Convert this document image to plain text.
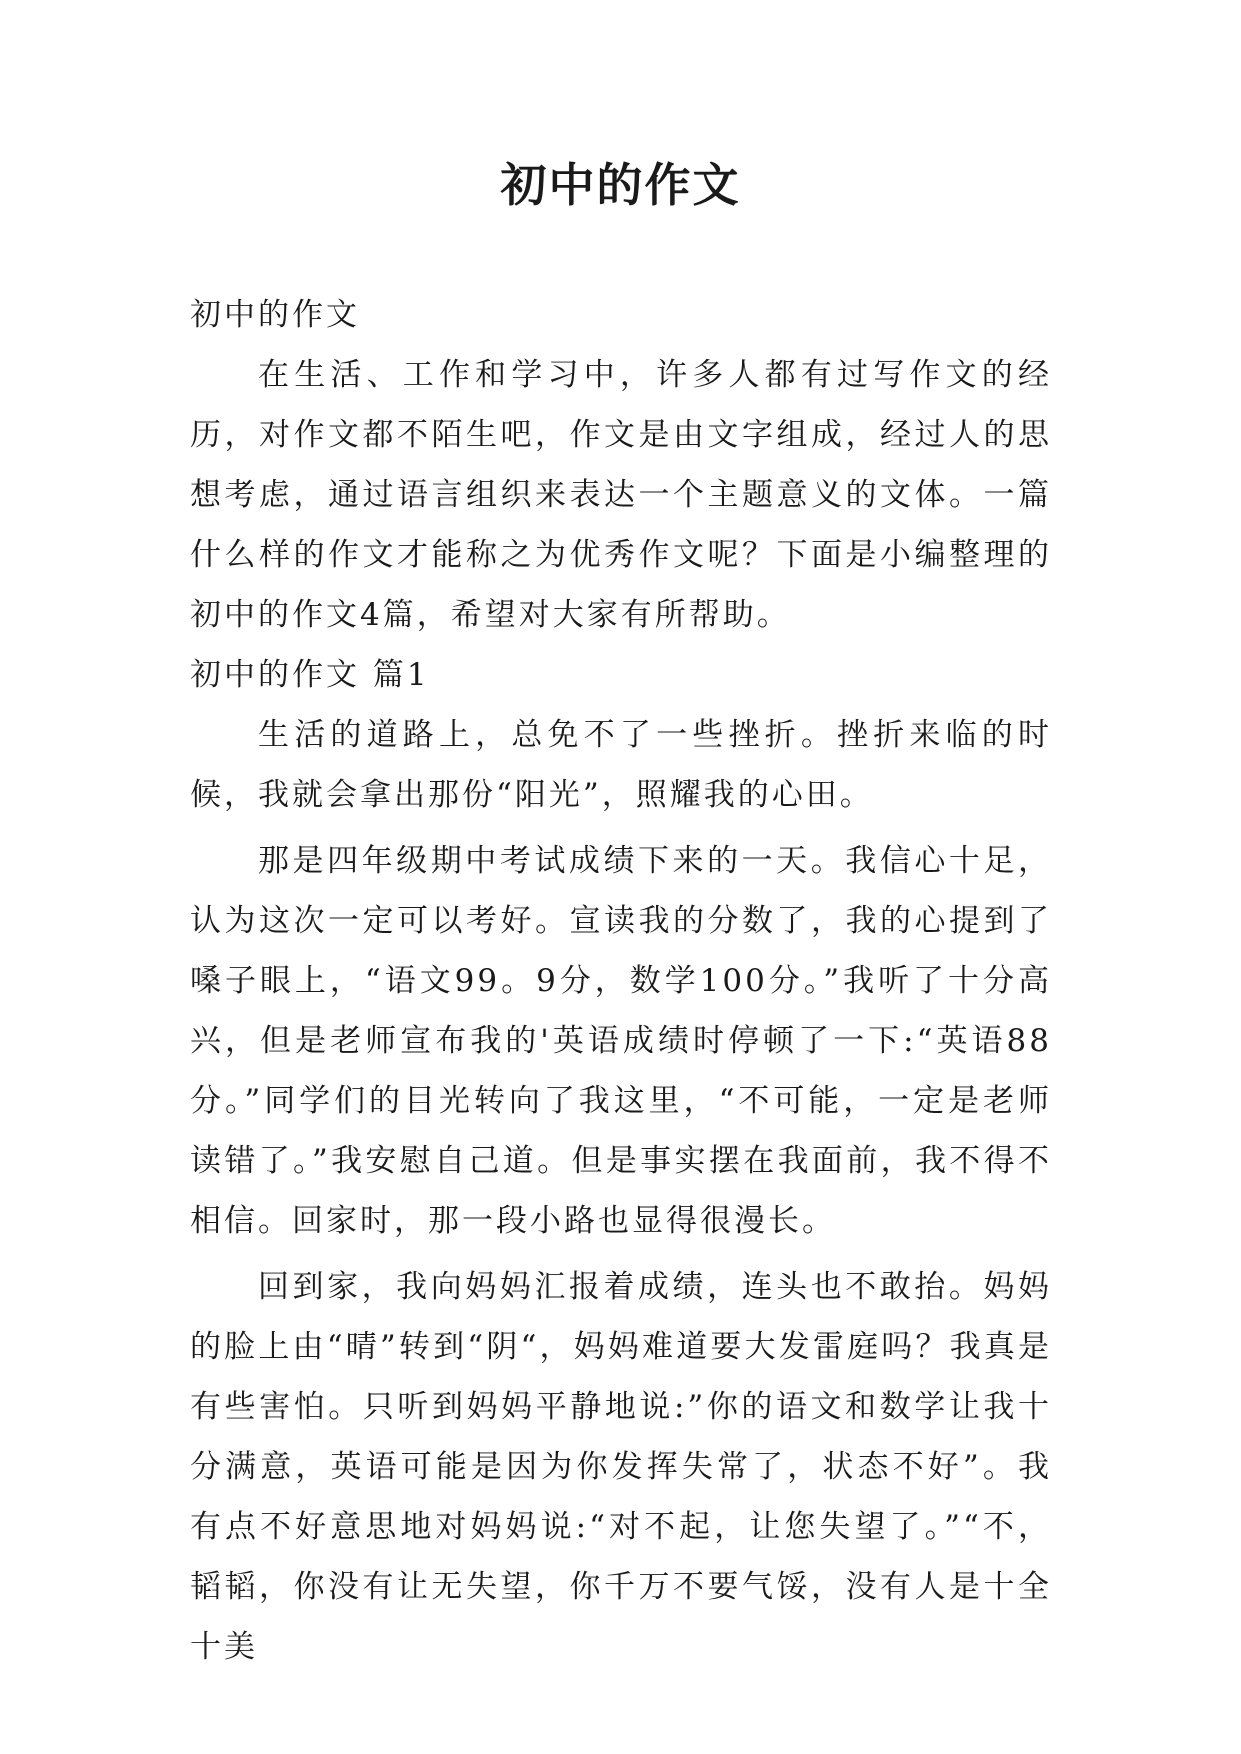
初中的作文

初中的作文

在生活、工作和学习中，许多人都有过写作文的经历，对作文都不陌生吧，作文是由文字组成，经过人的思想考虑，通过语言组织来表达一个主题意义的文体。一篇什么样的作文才能称之为优秀作文呢？下面是小编整理的初中的作文4篇，希望对大家有所帮助。

初中的作文 篇1

生活的道路上，总免不了一些挫折。挫折来临的时候，我就会拿出那份“阳光”，照耀我的心田。

那是四年级期中考试成绩下来的一天。我信心十足，认为这次一定可以考好。宣读我的分数了，我的心提到了嗓子眼上，“语文99。9分，数学100分。”我听了十分高兴，但是老师宣布我的'英语成绩时停顿了一下:“英语88分。”同学们的目光转向了我这里，“不可能，一定是老师读错了。”我安慰自己道。但是事实摆在我面前，我不得不相信。回家时，那一段小路也显得很漫长。

回到家，我向妈妈汇报着成绩，连头也不敢抬。妈妈的脸上由“晴”转到“阴“，妈妈难道要大发雷庭吗？我真是有些害怕。只听到妈妈平静地说:”你的语文和数学让我十分满意，英语可能是因为你发挥失常了，状态不好”。我有点不好意思地对妈妈说:“对不起，让您失望了。”“不，韬韬，你没有让无失望，你千万不要气馁，没有人是十全十美
